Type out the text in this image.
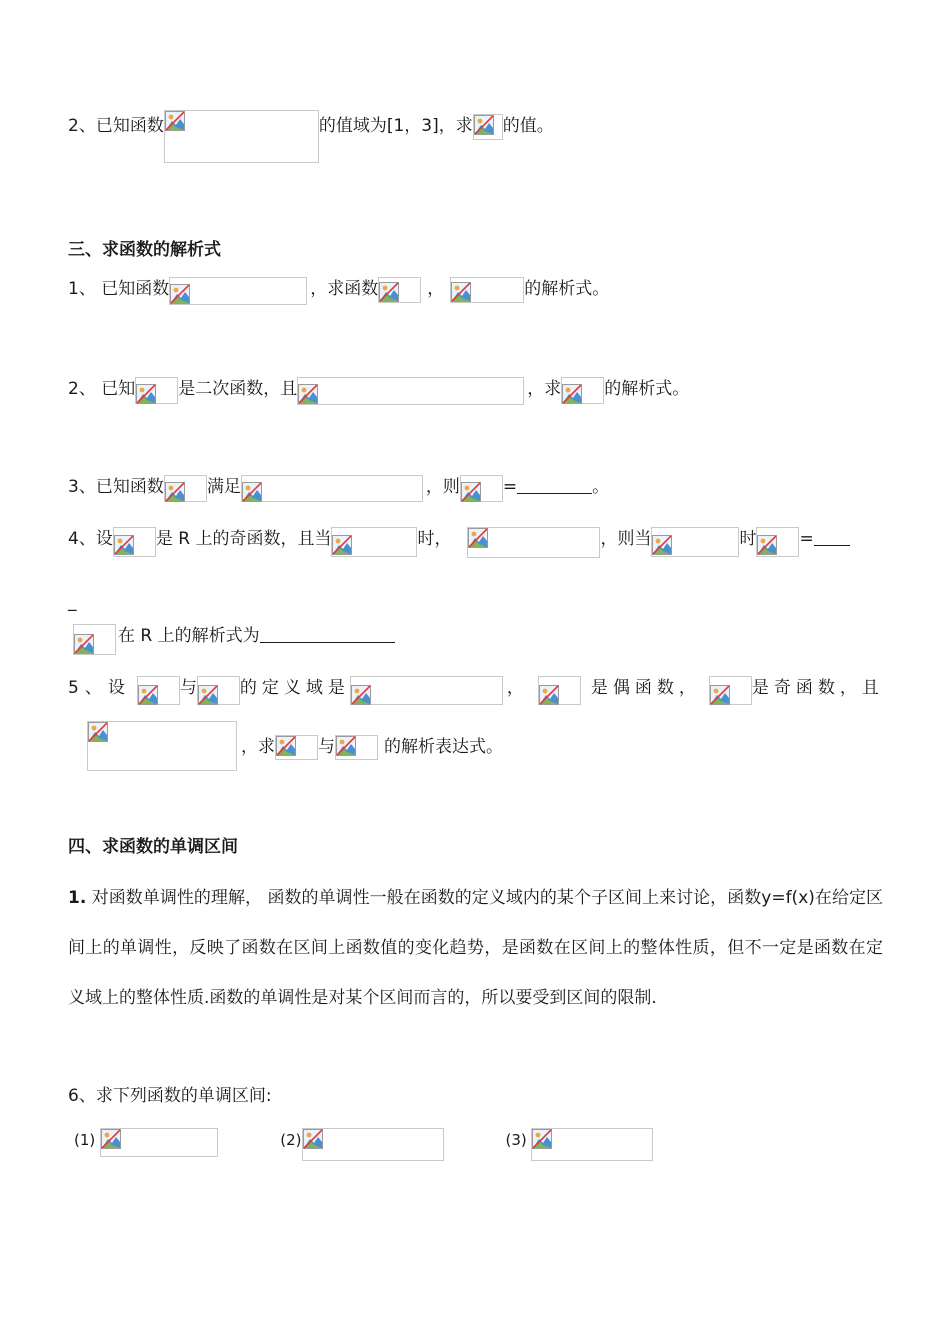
2、已知函数	的值域为[1，3]，求 的值。
三、求函数的解析式
1、 已知函数	，求函数	，	的解析式。
2、 已知	是二次函数，且	，求	的解析式。
3、已知函数	满足	，则	=	。
4、设	是 R 上的奇函数，且当	时，	，则当	时	=
_
在 R 上的解析式为
5、设	与	的定义域是	，	是偶函数，	是奇函数，且
，求	与	的解析表达式。
四、求函数的单调区间
1. 对函数单调性的理解， 函数的单调性一般在函数的定义域内的某个子区间上来讨论，函数y=f(x)在给定区间上的单调性，反映了函数在区间上函数值的变化趋势，是函数在区间上的整体性质，但不一定是函数在定义域上的整体性质.函数的单调性是对某个区间而言的，所以要受到区间的限制.
6、求下列函数的单调区间:
(1)	(2)	(3)
